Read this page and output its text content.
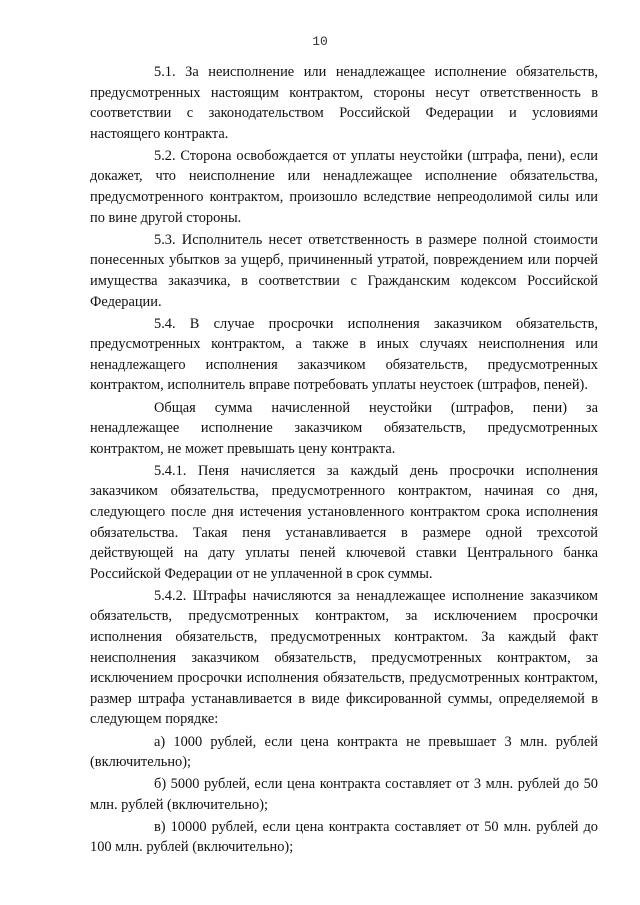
10

5.1. За неисполнение или ненадлежащее исполнение обязательств, предусмотренных настоящим контрактом, стороны несут ответственность в соответствии с законодательством Российской Федерации и условиями настоящего контракта.

5.2. Сторона освобождается от уплаты неустойки (штрафа, пени), если докажет, что неисполнение или ненадлежащее исполнение обязательства, предусмотренного контрактом, произошло вследствие непреодолимой силы или по вине другой стороны.

5.3. Исполнитель несет ответственность в размере полной стоимости понесенных убытков за ущерб, причиненный утратой, повреждением или порчей имущества заказчика, в соответствии с Гражданским кодексом Российской Федерации.

5.4. В случае просрочки исполнения заказчиком обязательств, предусмотренных контрактом, а также в иных случаях неисполнения или ненадлежащего исполнения заказчиком обязательств, предусмотренных контрактом, исполнитель вправе потребовать уплаты неустоек (штрафов, пеней).

Общая сумма начисленной неустойки (штрафов, пени) за ненадлежащее исполнение заказчиком обязательств, предусмотренных контрактом, не может превышать цену контракта.

5.4.1. Пеня начисляется за каждый день просрочки исполнения заказчиком обязательства, предусмотренного контрактом, начиная со дня, следующего после дня истечения установленного контрактом срока исполнения обязательства. Такая пеня устанавливается в размере одной трехсотой действующей на дату уплаты пеней ключевой ставки Центрального банка Российской Федерации от не уплаченной в срок суммы.

5.4.2. Штрафы начисляются за ненадлежащее исполнение заказчиком обязательств, предусмотренных контрактом, за исключением просрочки исполнения обязательств, предусмотренных контрактом. За каждый факт неисполнения заказчиком обязательств, предусмотренных контрактом, за исключением просрочки исполнения обязательств, предусмотренных контрактом, размер штрафа устанавливается в виде фиксированной суммы, определяемой в следующем порядке:

а) 1000 рублей, если цена контракта не превышает 3 млн. рублей (включительно);

б) 5000 рублей, если цена контракта составляет от 3 млн. рублей до 50 млн. рублей (включительно);

в) 10000 рублей, если цена контракта составляет от 50 млн. рублей до 100 млн. рублей (включительно);
